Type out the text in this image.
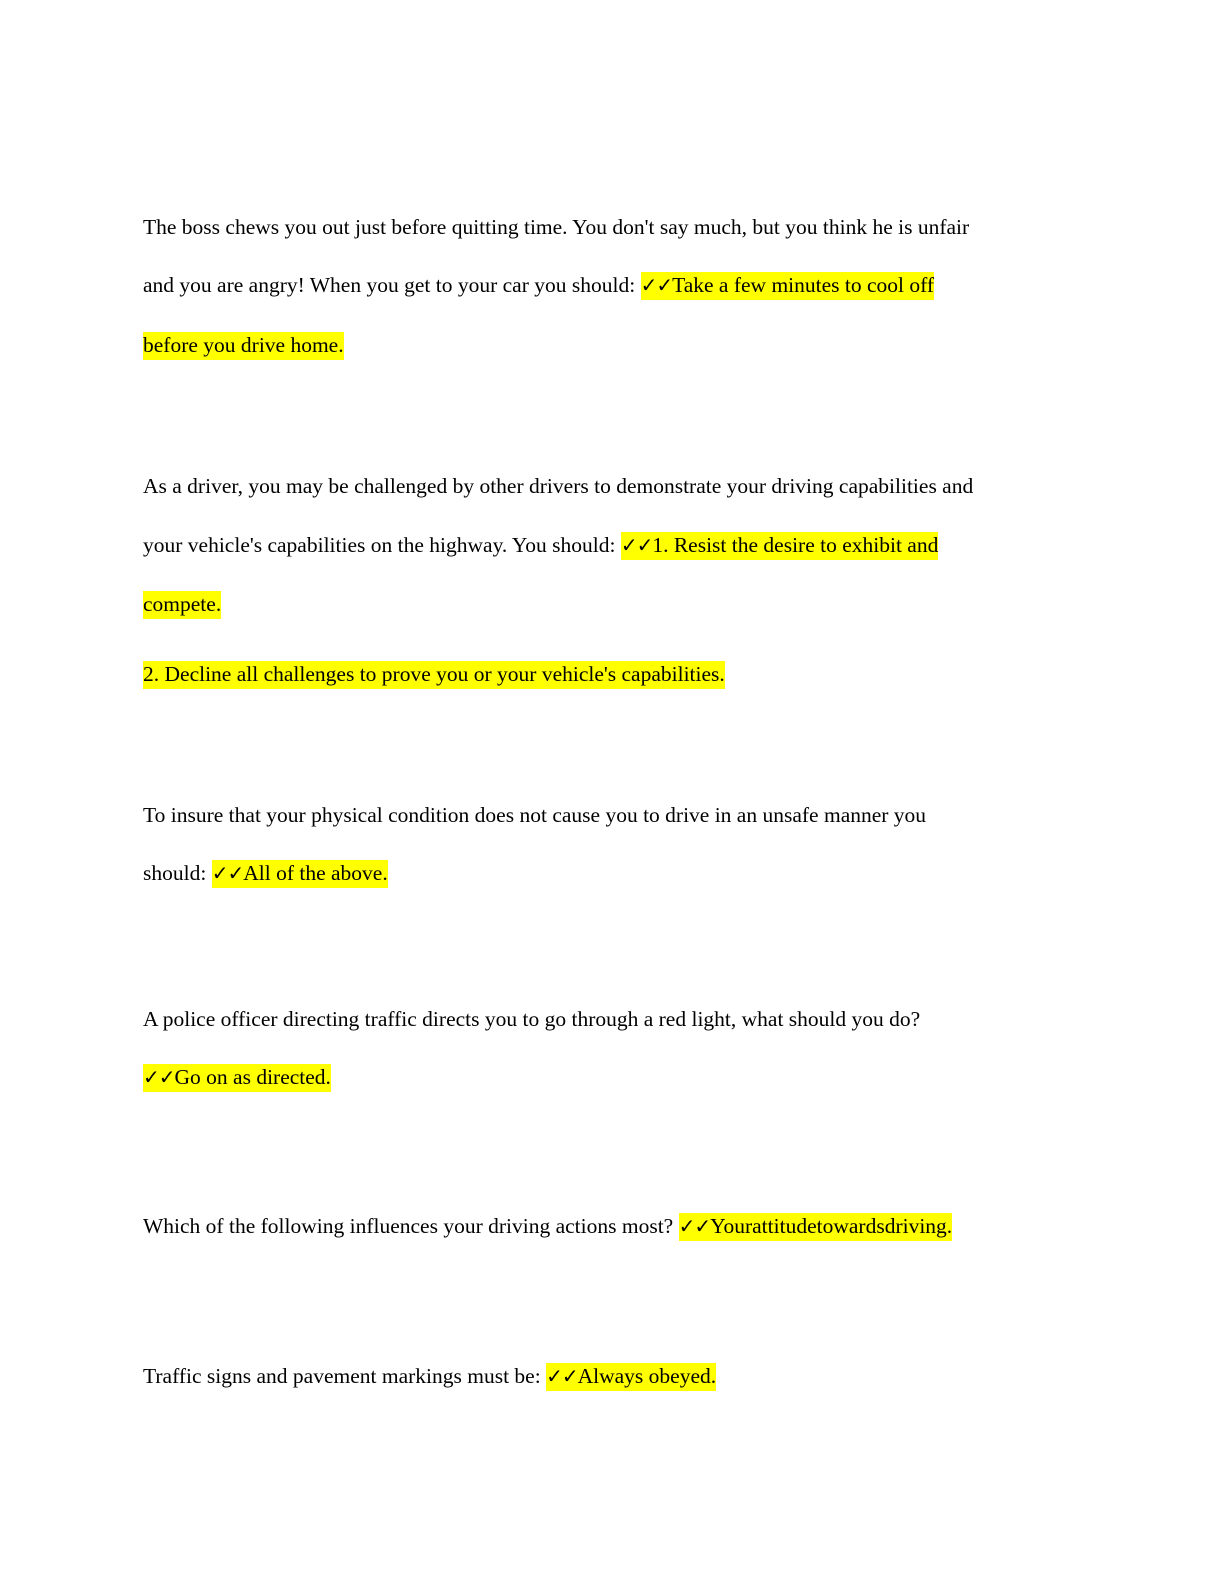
The boss chews you out just before quitting time. You don't say much, but you think he is unfair
and you are angry! When you get to your car you should: ✓✓Take a few minutes to cool off
before you drive home.
As a driver, you may be challenged by other drivers to demonstrate your driving capabilities and
your vehicle's capabilities on the highway. You should: ✓✓1. Resist the desire to exhibit and
compete.
2. Decline all challenges to prove you or your vehicle's capabilities.
To insure that your physical condition does not cause you to drive in an unsafe manner you
should: ✓✓All of the above.
A police officer directing traffic directs you to go through a red light, what should you do?
✓✓Go on as directed.
Which of the following influences your driving actions most? ✓✓Yourattitudetowardsdriving.
Traffic signs and pavement markings must be: ✓✓Always obeyed.
